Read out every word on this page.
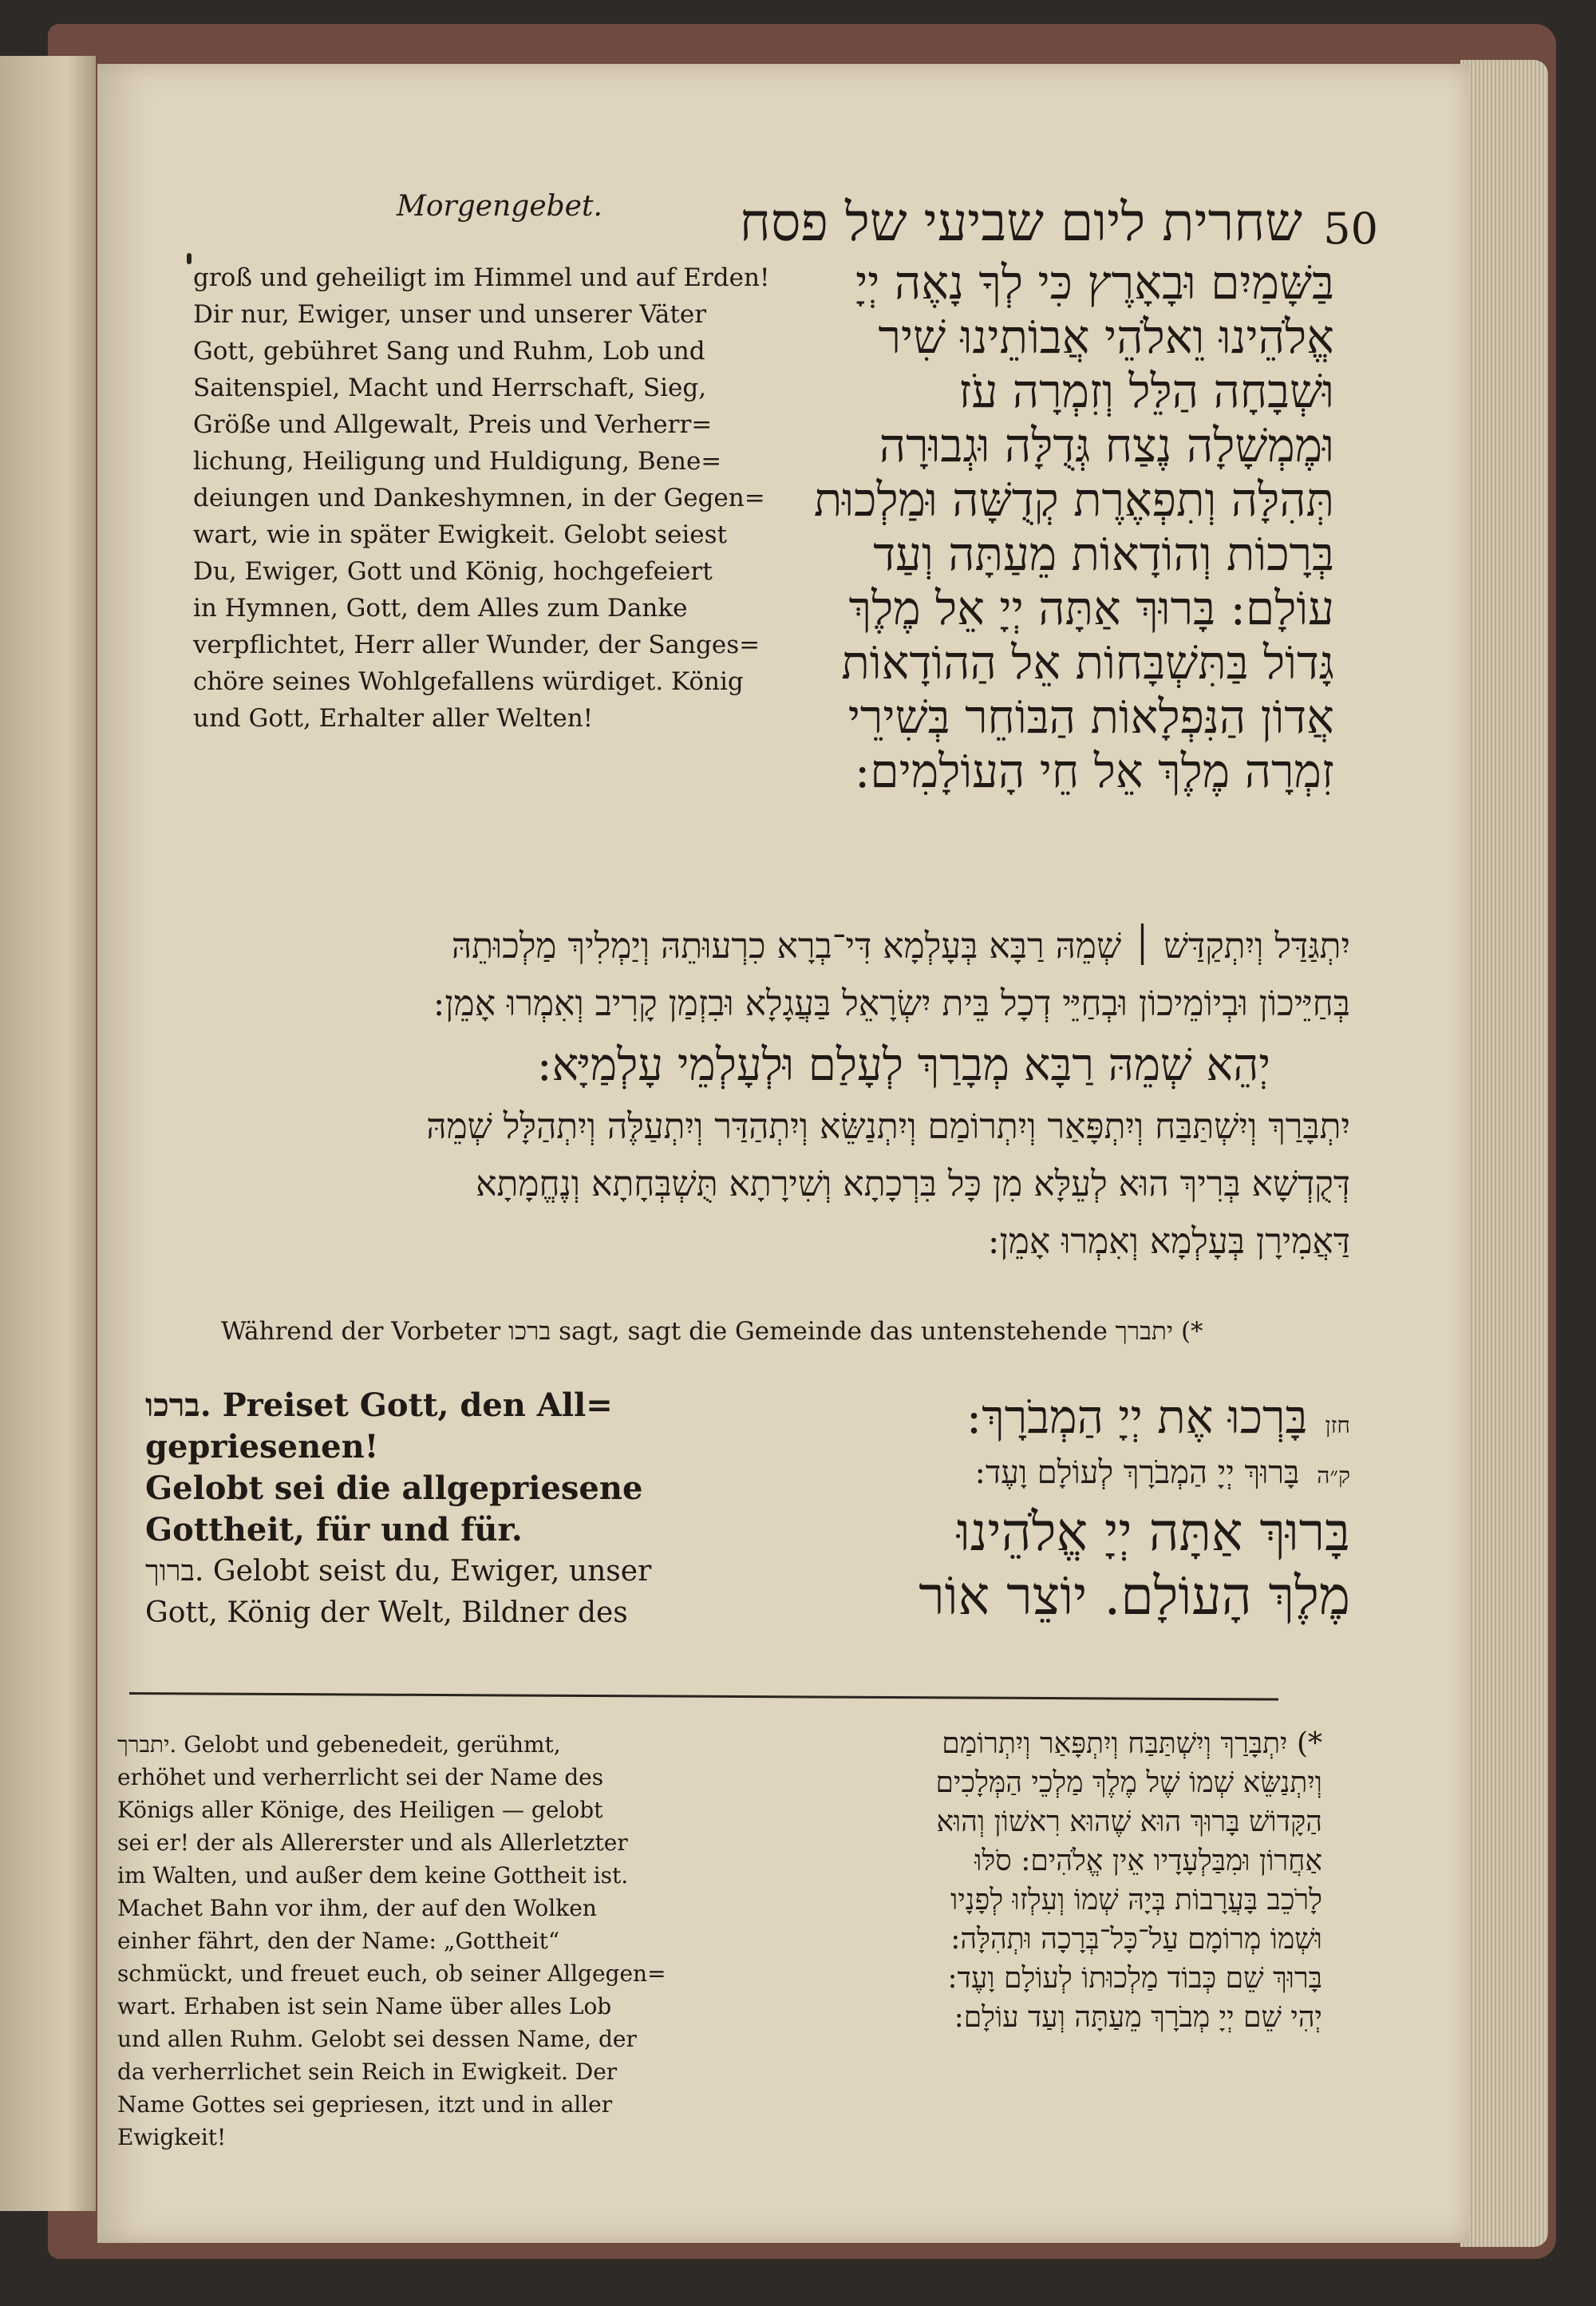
Morgengebet.	שחרית ליום שביעי של פסח 50
groß und geheiligt im Himmel und auf Erden!
Dir nur, Ewiger, unser und unserer Väter
Gott, gebühret Sang und Ruhm, Lob und
Saitenspiel, Macht und Herrschaft, Sieg,
Größe und Allgewalt, Preis und Verherr=
lichung, Heiligung und Huldigung, Bene=
deiungen und Dankeshymnen, in der Gegen=
wart, wie in später Ewigkeit. Gelobt seiest
Du, Ewiger, Gott und König, hochgefeiert
in Hymnen, Gott, dem Alles zum Danke
verpflichtet, Herr aller Wunder, der Sanges=
chöre seines Wohlgefallens würdiget. König
und Gott, Erhalter aller Welten!
בַּשָּׁמַיִם וּבָאָרֶץ כִּי לְךָ נָאֶה יְיָ
אֱלֹהֵינוּ וֵאלֹהֵי אֲבוֹתֵינוּ שִׁיר
וּשְׁבָחָה הַלֵּל וְזִמְרָה עֹז
וּמֶמְשָׁלָה נֶצַח גְּדֻלָּה וּגְבוּרָה
תְּהִלָּה וְתִפְאֶרֶת קְדֻשָּׁה וּמַלְכוּת
בְּרָכוֹת וְהוֹדָאוֹת מֵעַתָּה וְעַד
עוֹלָם: בָּרוּךְ אַתָּה יְיָ אֵל מֶלֶךְ
גָּדוֹל בַּתִּשְׁבָּחוֹת אֵל הַהוֹדָאוֹת
אֲדוֹן הַנִּפְלָאוֹת הַבּוֹחֵר בְּשִׁירֵי
זִמְרָה מֶלֶךְ אֵל חֵי הָעוֹלָמִים:
יִתְגַּדַּל וְיִתְקַדַּשׁ ׀ שְׁמֵהּ רַבָּא בְּעָלְמָא דִּי־בְרָא כִרְעוּתֵהּ וְיַמְלִיךְ מַלְכוּתֵהּ
בְּחַיֵּיכוֹן וּבְיוֹמֵיכוֹן וּבְחַיֵּי דְכָל בֵּית יִשְׂרָאֵל בַּעֲגָלָא וּבִזְמַן קָרִיב וְאִמְרוּ אָמֵן:
יְהֵא שְׁמֵהּ רַבָּא מְבָרַךְ לְעָלַם וּלְעָלְמֵי עָלְמַיָּא:
יִתְבָּרַךְ וְיִשְׁתַּבַּח וְיִתְפָּאַר וְיִתְרוֹמַם וְיִתְנַשֵּׂא וְיִתְהַדַּר וְיִתְעַלֶּה וְיִתְהַלָּל שְׁמֵהּ
דְּקֻדְשָׁא בְּרִיךְ הוּא לְעֵלָּא מִן כָּל בִּרְכָתָא וְשִׁירָתָא תֻּשְׁבְּחָתָא וְנֶחֱמָתָא
דַּאֲמִירָן בְּעָלְמָא וְאִמְרוּ אָמֵן:
Während der Vorbeter ברכו sagt, sagt die Gemeinde das untenstehende יתברך (*
ברכו. Preiset Gott, den All=
gepriesenen!
Gelobt sei die allgepriesene
Gottheit, für und für.
ברוך. Gelobt seist du, Ewiger, unser
Gott, König der Welt, Bildner des
חזןבָּרְכוּ אֶת יְיָ הַמְבֹרָךְ:
ק״הבָּרוּךְ יְיָ הַמְבֹרָךְ לְעוֹלָם וָעֶד:
בָּרוּךְ אַתָּה יְיָ אֱלֹהֵינוּ
מֶלֶךְ הָעוֹלָם. יוֹצֵר אוֹר
יתברך. Gelobt und gebenedeit, gerühmt,
erhöhet und verherrlicht sei der Name des
Königs aller Könige, des Heiligen — gelobt
sei er! der als Allererster und als Allerletzter
im Walten, und außer dem keine Gottheit ist.
Machet Bahn vor ihm, der auf den Wolken
einher fährt, den der Name: „Gottheit“
schmückt, und freuet euch, ob seiner Allgegen=
wart. Erhaben ist sein Name über alles Lob
und allen Ruhm. Gelobt sei dessen Name, der
da verherrlichet sein Reich in Ewigkeit. Der
Name Gottes sei gepriesen, itzt und in aller
Ewigkeit!
*) יִתְבָּרַךְ וְיִשְׁתַּבַּח וְיִתְפָּאַר וְיִתְרוֹמַם
וְיִתְנַשֵּׂא שְׁמוֹ שֶׁל מֶלֶךְ מַלְכֵי הַמְּלָכִים
הַקָּדוֹשׁ בָּרוּךְ הוּא שֶׁהוּא רִאשׁוֹן וְהוּא
אַחֲרוֹן וּמִבַּלְעָדָיו אֵין אֱלֹהִים: סֹלּוּ
לָרֹכֵב בָּעֲרָבוֹת בְּיָהּ שְׁמוֹ וְעִלְזוּ לְפָנָיו
וּשְׁמוֹ מְרוֹמָם עַל־כָּל־בְּרָכָה וּתְהִלָּה:
בָּרוּךְ שֵׁם כְּבוֹד מַלְכוּתוֹ לְעוֹלָם וָעֶד:
יְהִי שֵׁם יְיָ מְבֹרָךְ מֵעַתָּה וְעַד עוֹלָם:
